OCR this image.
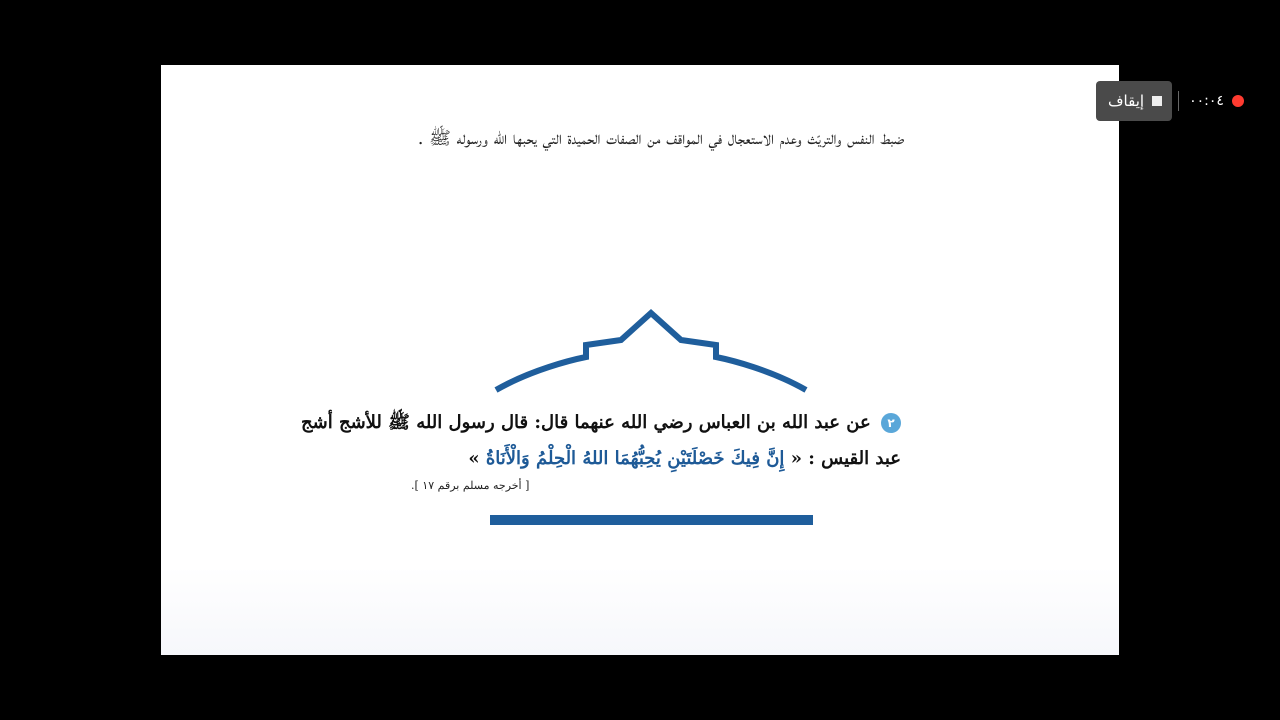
ضبط النفس والتريّث وعدم الاستعجال في المواقف من الصفات الحميدة التي يحبها الله ورسوله ﷺ .
٢ عن عبد الله بن العباس رضي الله عنهما قال: قال رسول الله ﷺ للأشج أشج
عبد القيس : « إِنَّ فِيكَ خَصْلَتَيْنِ يُحِبُّهُمَا اللهُ الْحِلْمُ وَالْأَنَاةُ »
[ أخرجه مسلم برقم ١٧ ].
٠٠:٠٤
إيقاف
